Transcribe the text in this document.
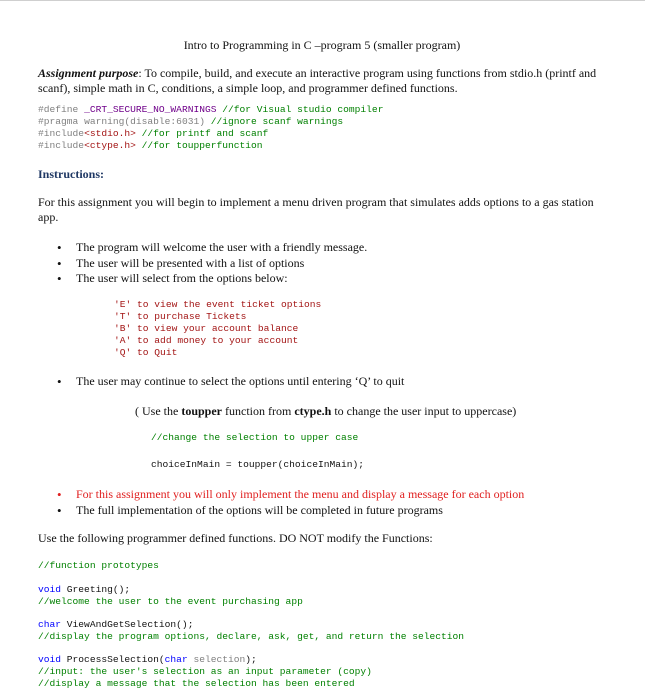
Intro to Programming in C –program 5 (smaller program)
Assignment purpose: To compile, build, and execute an interactive program using functions from stdio.h (printf and scanf), simple math in C, conditions, a simple loop, and programmer defined functions.
#define _CRT_SECURE_NO_WARNINGS //for Visual studio compiler
#pragma warning(disable:6031) //ignore scanf warnings
#include<stdio.h> //for printf and scanf
#include<ctype.h> //for toupperfunction
Instructions:
For this assignment you will begin to implement a menu driven program that simulates adds options to a gas station app.
• The program will welcome the user with a friendly message.
• The user will be presented with a list of options
• The user will select from the options below:
'E' to view the event ticket options
'T' to purchase Tickets
'B' to view your account balance
'A' to add money to your account
'Q' to Quit
• The user may continue to select the options until entering ‘Q’ to quit
( Use the toupper function from ctype.h to change the user input to uppercase)
//change the selection to upper case
choiceInMain = toupper(choiceInMain);
• For this assignment you will only implement the menu and display a message for each option
• The full implementation of the options will be completed in future programs
Use the following programmer defined functions. DO NOT modify the Functions:
//function prototypes
void Greeting();
//welcome the user to the event purchasing app
char ViewAndGetSelection();
//display the program options, declare, ask, get, and return the selection
void ProcessSelection(char selection);
//input: the user's selection as an input parameter (copy)
//display a message that the selection has been entered
